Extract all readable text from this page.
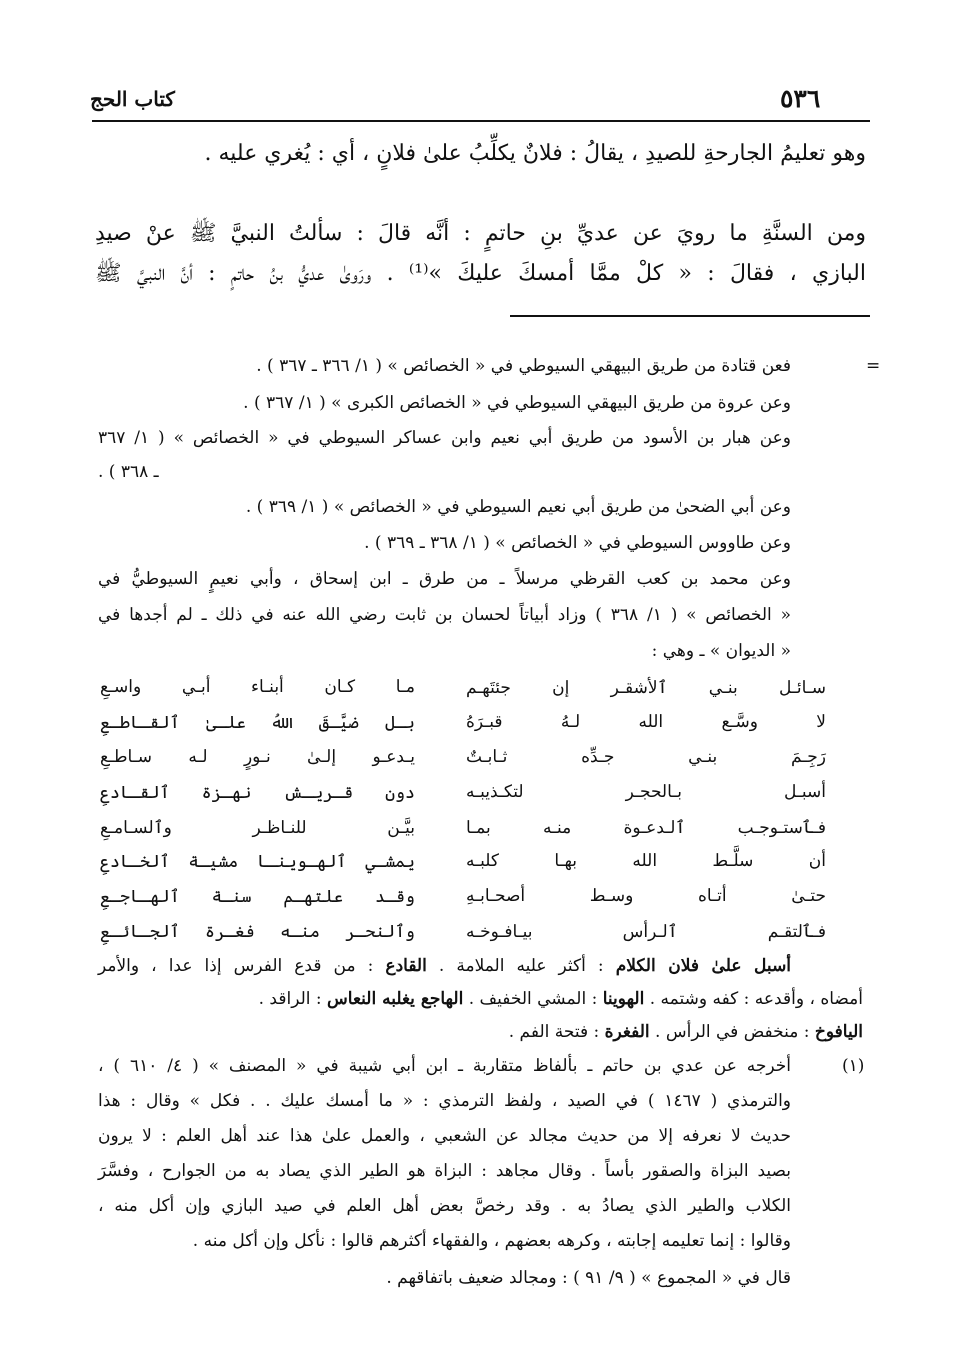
٥٣٦
كتاب الحج
وهو تعليمُ الجارحةِ للصيدِ ، يقالُ : فلانٌ يكلِّبُ علىٰ فلانٍ ، أي : يُغري عليه .
ومن السنَّةِ ما رويَ عن عديِّ بنِ حاتمٍ : أنَّه قالَ : سألتُ النبيَّ ﷺ عنْ صيدِ
البازي ، فقالَ : « كلْ ممَّا أمسكَ عليكَ »⁽¹⁾ . ورَوىٰ عديُّ بنُ حاتمٍ : أنَّ النبيَّ ﷺ
=
فعن قتادة من طريق البيهقي السيوطي في « الخصائص » ( ١/ ٣٦٦ ـ ٣٦٧ ) .
وعن عروة من طريق البيهقي السيوطي في « الخصائص الكبرى » ( ١/ ٣٦٧ ) .
وعن هبار بن الأسود من طريق أبي نعيم وابن عساكر السيوطي في « الخصائص » ( ١/ ٣٦٧
ـ ٣٦٨ ) .
وعن أبي الضحىٰ من طريق أبي نعيم السيوطي في « الخصائص » ( ١/ ٣٦٩ ) .
وعن طاووس السيوطي في « الخصائص » ( ١/ ٣٦٨ ـ ٣٦٩ ) .
وعن محمد بن كعب القرظي مرسلاً ـ من طرق ـ ابن إسحاق ، وأبي نعيمٍ السيوطيُّ في
« الخصائص » ( ١/ ٣٦٨ ) وزاد أبياتاً لحسان بن ثابت رضي الله عنه في ذلك ـ لم أجدها في
« الديوان » ـ وهي :
سـائـل بنـي ٱلأشقـر إن جئتَهـم
مـا كـان أبنـاء أبـي واسـعِ
لا وسَّـع الله لـهُ قبـرَهُ
بـل ضيَّـقَ اللهُ علـىٰ ٱلقـاطـعِ
رَجِـمَ بنـي جـدِّه ثـابـتٌ
يـدعـو إلـىٰ نـورٍ لـه سـاطـعِ
أسبـل بـالحجـر لتكـذيبـه
دون قـريـش نهـزة ٱلقـادعِ
فـٱستـوجـب ٱلـدعـوة منـه بمـا
بيَّـن للنـاظـر وٱلسـامـعِ
أن سلَّـط الله بهـا كلبـه
يمشـي ٱلهـوينـا مشيـة ٱلخـادعِ
حتـىٰ أتـاه وسـط أصحـابـهِ
وقـد علتهـم سنـة ٱلهـاجـعِ
فـٱلتقـم ٱلـرأس بيـافـوخـه
وٱلنحـر منـه فغـرة ٱلجـائـعِ
أسبل علىٰ فلان الكلام : أكثر عليه الملامة . القادع : من قدع الفرس إذا عدا ، والأمر
أمضاه ، وأقدعه : كفه وشتمه . الهوينا : المشي الخفيف . الهاجع يغلبه النعاس : الراقد .
اليافوخ : منخفض في الرأس . الفغرة : فتحة الفم .
(١)
أخرجه عن عدي بن حاتم ـ بألفاظ متقاربة ـ ابن أبي شيبة في « المصنف » ( ٤/ ٦١٠ ) ،
والترمذي ( ١٤٦٧ ) في الصيد ، ولفظ الترمذي : « ما أمسك عليك . . فكل » وقال : هذا
حديث لا نعرفه إلا من حديث مجالد عن الشعبي ، والعمل علىٰ هذا عند أهل العلم : لا يرون
بصيد البزاة والصقور بأساً . وقال مجاهد : البزاة هو الطير الذي يصاد به من الجوارح ، وفسَّرَ
الكلاب والطير الذي يصادُ به . وقد رخصَّ بعض أهل العلم في صيد البازي وإن أكل منه ،
وقالوا : إنما تعليمه إجابته ، وكرهه بعضهم ، والفقهاء أكثرهم قالوا : نأكل وإن أكل منه .
قال في « المجموع » ( ٩/ ٩١ ) : ومجالد ضعيف باتفاقهم .
